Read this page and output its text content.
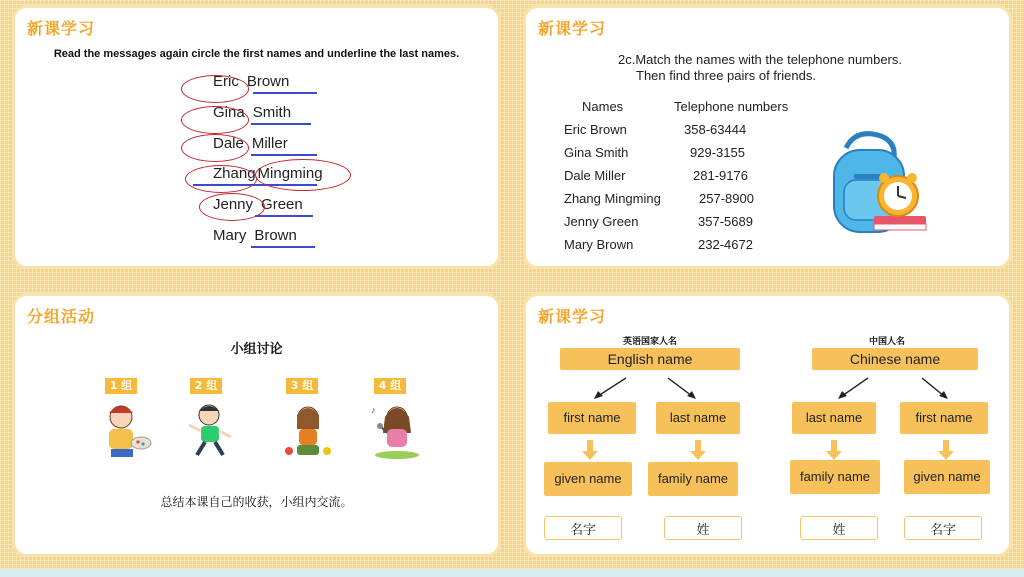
新课学习
Read the messages again circle the first names and underline the last names.
Eric Brown
Gina Smith
Dale Miller
Zhang Mingming
Jenny Green
Mary Brown
新课学习
2c.Match the names with the telephone numbers.
Then find three pairs of friends.
Names	Telephone numbers
Eric Brown	358-63444
Gina Smith	929-3155
Dale Miller	281-9176
Zhang Mingming	257-8900
Jenny Green	357-5689
Mary Brown	232-4672
分组活动
小组讨论
1 组	2 组	3 组	4 组
♪
总结本课自己的收获，小组内交流。
新课学习
英语国家人名
English name
first name	last name
given name	family name
名字	姓
中国人名
Chinese name
last name	first name
family name	given name
姓	名字
